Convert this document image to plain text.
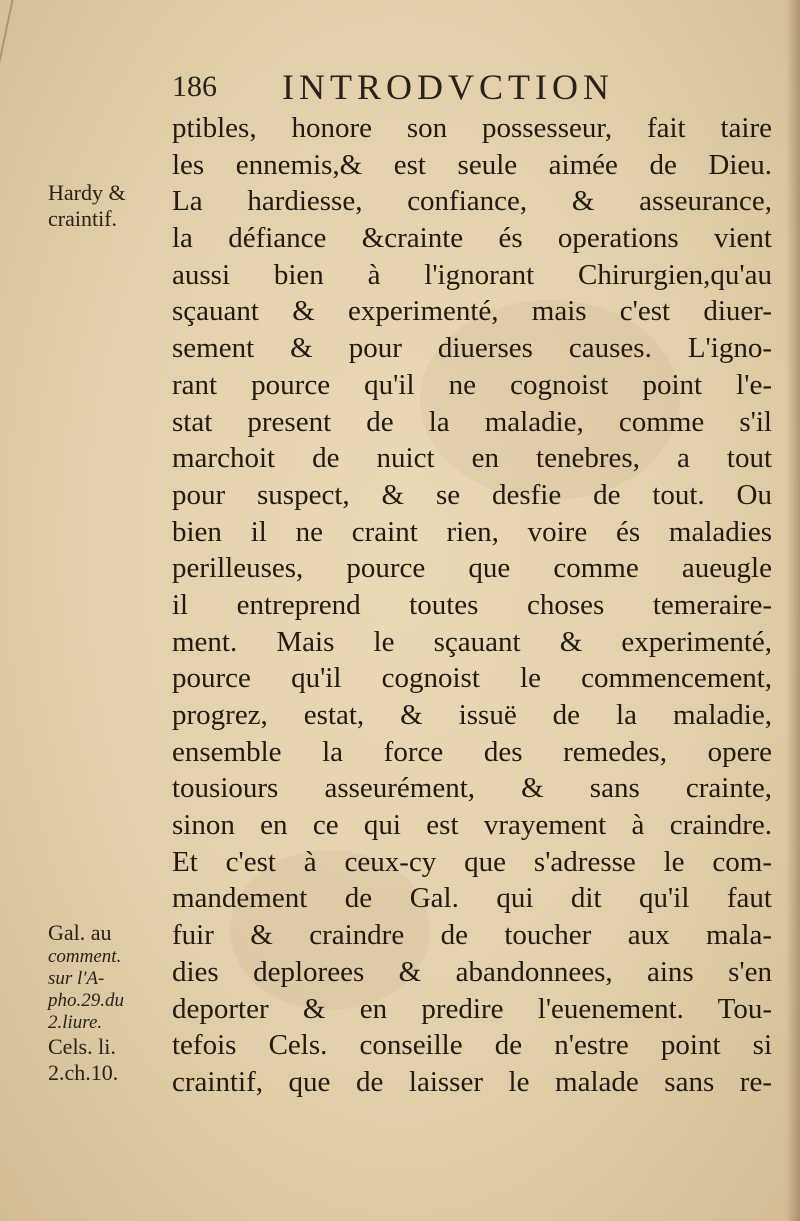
186 INTRODVCTION
Hardy &
craintif.
ptibles, honore son possesseur, fait taire
les ennemis,& est seule aimée de Dieu.
La hardiesse, confiance, & asseurance,
la défiance &crainte és operations vient
aussi bien à l'ignorant Chirurgien,qu'au
sçauant & experimenté, mais c'est diuer-
sement & pour diuerses causes. L'igno-
rant pource qu'il ne cognoist point l'e-
stat present de la maladie, comme s'il
marchoit de nuict en tenebres, a tout
pour suspect, & se desfie de tout. Ou
bien il ne craint rien, voire és maladies
perilleuses, pource que comme aueugle
il entreprend toutes choses temeraire-
ment. Mais le sçauant & experimenté,
pource qu'il cognoist le commencement,
progrez, estat, & issuë de la maladie,
ensemble la force des remedes, opere
tousiours asseurément, & sans crainte,
sinon en ce qui est vrayement à craindre.
Et c'est à ceux-cy que s'adresse le com-
mandement de Gal. qui dit qu'il faut
fuir & craindre de toucher aux mala-
dies deplorees & abandonnees, ains s'en
deporter & en predire l'euenement. Tou-
tefois Cels. conseille de n'estre point si
craintif, que de laisser le malade sans re-
Gal. au
comment.
sur l'A-
pho.29.du
2.liure.
Cels. li.
2.ch.10.
